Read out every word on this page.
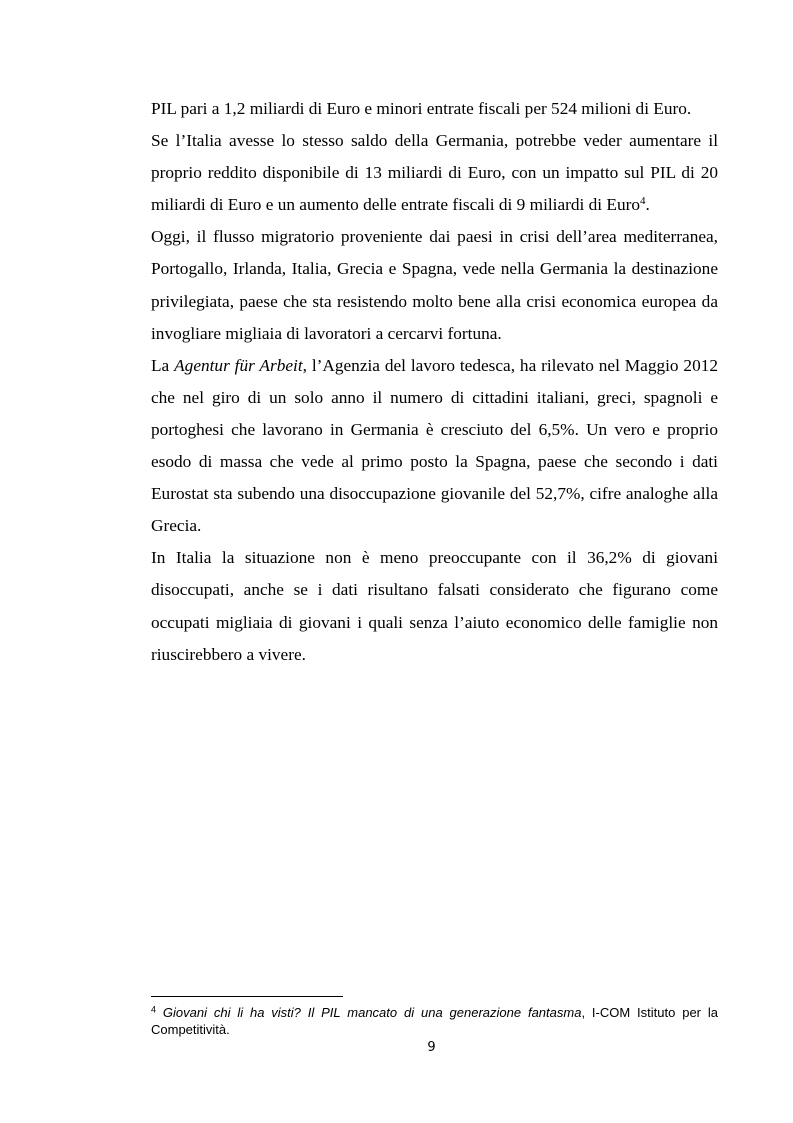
PIL pari a 1,2 miliardi di Euro e minori entrate fiscali per 524 milioni di Euro.

Se l’Italia avesse lo stesso saldo della Germania, potrebbe veder aumentare il proprio reddito disponibile di 13 miliardi di Euro, con un impatto sul PIL di 20 miliardi di Euro e un aumento delle entrate fiscali di 9 miliardi di Euro$^4$.

Oggi, il flusso migratorio proveniente dai paesi in crisi dell’area mediterranea, Portogallo, Irlanda, Italia, Grecia e Spagna, vede nella Germania la destinazione privilegiata, paese che sta resistendo molto bene alla crisi economica europea da invogliare migliaia di lavoratori a cercarvi fortuna.

La Agentur für Arbeit, l’Agenzia del lavoro tedesca, ha rilevato nel Maggio 2012 che nel giro di un solo anno il numero di cittadini italiani, greci, spagnoli e portoghesi che lavorano in Germania è cresciuto del 6,5%. Un vero e proprio esodo di massa che vede al primo posto la Spagna, paese che secondo i dati Eurostat sta subendo una disoccupazione giovanile del 52,7%, cifre analoghe alla Grecia.

In Italia la situazione non è meno preoccupante con il 36,2% di giovani disoccupati, anche se i dati risultano falsati considerato che figurano come occupati migliaia di giovani i quali senza l’aiuto economico delle famiglie non riuscirebbero a vivere.

$^4$ Giovani chi li ha visti? Il PIL mancato di una generazione fantasma, I-COM Istituto per la Competitività.
9
